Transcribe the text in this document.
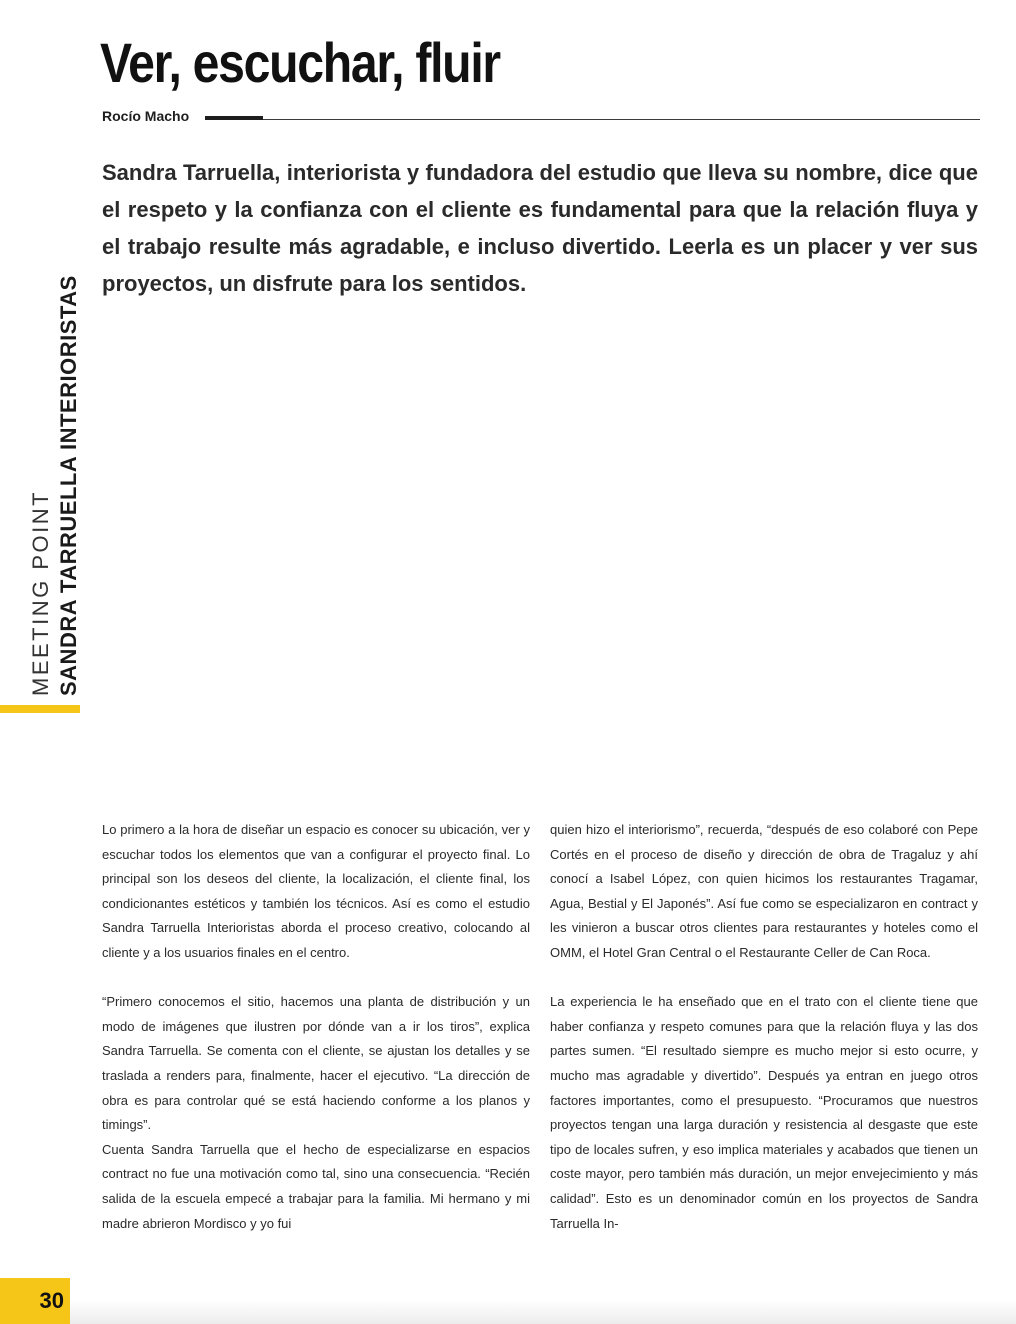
Ver, escuchar, fluir
Rocío Macho

Sandra Tarruella, interiorista y fundadora del estudio que lleva su nombre, dice que el respeto y la confianza con el cliente es fundamental para que la relación fluya y el trabajo resulte más agradable, e incluso divertido. Leerla es un placer y ver sus proyectos, un disfrute para los sentidos.

MEETING POINT SANDRA TARRUELLA INTERIORISTAS

Lo primero a la hora de diseñar un espacio es conocer su ubicación, ver y escuchar todos los elementos que van a configurar el proyecto final. Lo principal son los deseos del cliente, la localización, el cliente final, los condicionantes estéticos y también los técnicos. Así es como el estudio Sandra Tarruella Interioristas aborda el proceso creativo, colocando al cliente y a los usuarios finales en el centro.

“Primero conocemos el sitio, hacemos una planta de distribución y un modo de imágenes que ilustren por dónde van a ir los tiros”, explica Sandra Tarruella. Se comenta con el cliente, se ajustan los detalles y se traslada a renders para, finalmente, hacer el ejecutivo. “La dirección de obra es para controlar qué se está haciendo conforme a los planos y timings”.

Cuenta Sandra Tarruella que el hecho de especializarse en espacios contract no fue una motivación como tal, sino una consecuencia. “Recién salida de la escuela empecé a trabajar para la familia. Mi hermano y mi madre abrieron Mordisco y yo fui

quien hizo el interiorismo”, recuerda, “después de eso colaboré con Pepe Cortés en el proceso de diseño y dirección de obra de Tragaluz y ahí conocí a Isabel López, con quien hicimos los restaurantes Tragamar, Agua, Bestial y El Japonés”. Así fue como se especializaron en contract y les vinieron a buscar otros clientes para restaurantes y hoteles como el OMM, el Hotel Gran Central o el Restaurante Celler de Can Roca.

La experiencia le ha enseñado que en el trato con el cliente tiene que haber confianza y respeto comunes para que la relación fluya y las dos partes sumen. “El resultado siempre es mucho mejor si esto ocurre, y mucho mas agradable y divertido”. Después ya entran en juego otros factores importantes, como el presupuesto. “Procuramos que nuestros proyectos tengan una larga duración y resistencia al desgaste que este tipo de locales sufren, y eso implica materiales y acabados que tienen un coste mayor, pero también más duración, un mejor envejecimiento y más calidad”. Esto es un denominador común en los proyectos de Sandra Tarruella In-

30
